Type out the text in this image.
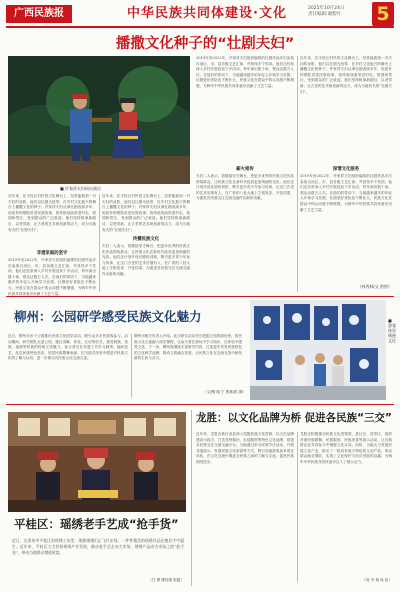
广西民族报	中华民族共同体建设·文化	2025年10月24日
责任编辑:谢紫叶 5
播撒文化种子的“壮剧夫妇”
■ 许家祥夫妇同台演出
近年来，在平桂区村民的文化舞台上，经常能看到一对夫妇的身影，他们以壮剧为纽带，在乡村文化振兴的舞台上播撒文化的种子。许家祥夫妇从事壮剧表演多年，用质朴的唱腔讲述民族故事，将传统戏曲带进村屯、校园和景区，受到群众的广泛欢迎。他们坚持排演新剧目，以老带新，让古老的艺术焕发新的活力，成为当地有名的“壮剧夫妇”。
近年来，在平桂区村民的文化舞台上，经常能看到一对夫妇的身影，他们以壮剧为纽带，在乡村文化振兴的舞台上播撒文化的种子。许家祥夫妇从事壮剧表演多年，用质朴的唱腔讲述民族故事，将传统戏曲带进村屯、校园和景区，受到群众的广泛欢迎。他们坚持排演新剧目，以老带新，让古老的艺术焕发新的活力，成为当地有名的“壮剧夫妇”。
非遗家庭的坚守
2019年至2022年，许家祥夫妇组织编排的壮剧作品多次参加自治区、市、县各级文艺汇演，并获得多个奖项。他们还经常深入乡村开展送戏下乡活动，每年演出数十场，观众达数万人次。在他们的带动下，当地越来越多的年轻人开始学习壮剧，壮剧爱好者队伍不断壮大，民族文化在群众中的认同感不断增强，为铸牢中华民族共同体意识贡献了文艺力量。
传播民族文化
夫妇二人表示，将继续坚守舞台，把更多优秀的民族文化作品带给群众，让民族文化在新时代绽放更加绚丽的光彩。他们还计划开设壮剧培训班，吸引更多青少年参与传承，让这门古老的艺术后继有人，在广袤的八桂大地上生根发芽、开花结果，为促进各民族交往交流交融作出新的贡献。
2019年至2022年，许家祥夫妇组织编排的壮剧作品多次参加自治区、市、县各级文艺汇演，并获得多个奖项。他们还经常深入乡村开展送戏下乡活动，每年演出数十场，观众达数万人次。在他们的带动下，当地越来越多的年轻人开始学习壮剧，壮剧爱好者队伍不断壮大，民族文化在群众中的认同感不断增强，为铸牢中华民族共同体意识贡献了文艺力量。
近年来，在平桂区村民的文化舞台上，经常能看到一对夫妇的身影，他们以壮剧为纽带，在乡村文化振兴的舞台上播撒文化的种子。许家祥夫妇从事壮剧表演多年，用质朴的唱腔讲述民族故事，将传统戏曲带进村屯、校园和景区，受到群众的广泛欢迎。他们坚持排演新剧目，以老带新，让古老的艺术焕发新的活力，成为当地有名的“壮剧夫妇”。
薪火相传
夫妇二人表示，将继续坚守舞台，把更多优秀的民族文化作品带给群众，让民族文化在新时代绽放更加绚丽的光彩。他们还计划开设壮剧培训班，吸引更多青少年参与传承，让这门古老的艺术后继有人，在广袤的八桂大地上生根发芽、开花结果，为促进各民族交往交流交融作出新的贡献。
深情文化服务
2019年至2022年，许家祥夫妇组织编排的壮剧作品多次参加自治区、市、县各级文艺汇演，并获得多个奖项。他们还经常深入乡村开展送戏下乡活动，每年演出数十场，观众达数万人次。在他们的带动下，当地越来越多的年轻人开始学习壮剧，壮剧爱好者队伍不断壮大，民族文化在群众中的认同感不断增强，为铸牢中华民族共同体意识贡献了文艺力量。
（林秀林/文 供图）
柳州：公园研学感受民族文化魅力
近日，柳州市多个公园推出民族文化研学活动，吸引众多市民游客参与。活动期间，研学团队走进公园，通过讲解、体验、互动等形式，感受侗族、苗族、瑶族等民族的传统文化魅力。参与者们在非遗工坊学习刺绣、编织技艺，品尝民族特色美食，欣赏民族歌舞表演，在沉浸式体验中增进对民族文化的了解与认同，进一步推动各民族文化交流互鉴。
柳州市相关负责人介绍，此次研学活动充分挖掘公园资源优势，将民族文化元素融入研学课程，让参与者在游玩中学习知识、在体验中感受文化。下一步，柳州将继续丰富研学内容，打造更多具有民族特色的文化研学品牌，推动文旅融合发展，让民族文化在交流互鉴中焕发新的生机与活力。
（文/陶 明 宁 贾林/供 图）
■ 游客体验侗族文化
平桂区：瑶绣老手艺成“抢手货”
近日，在贺州市平桂区的瑶绣工坊里，瑶族绣娘们正飞针走线，一件件精美的瑶绣作品在她们手中诞生。近年来，平桂区大力扶持瑶绣产业发展，推动老手艺走向大市场，瑶绣产品成为市场上的“抢手货”，带动当地群众增收致富。
（甘 勇 缪柱超 报道）
龙胜：以文化品牌为桥 促进各民族“三交”
近年来，龙胜各族自治县深入挖掘民族文化资源，以文化品牌建设为抓手，打造龙脊梯田、红瑶服饰等特色文化品牌，搭建各民族交往交流交融平台。当地通过举办民族节庆活动、开展非遗展示、发展民族文化旅游等方式，吸引各地游客前来观光体验，在文化交流中增进各民族之间的了解与友谊，促进民族团结进步。
龙胜还积极推动民族文化进校园、进社区、进景区，组织开展民族歌舞、民族服饰、民族美食等展示活动，让各族群众在共同参与中增强文化认同。同时，当地大力发展民族文化产业，推出了一批具有地方特色的文创产品，带动群众就业增收，实现了文化保护与经济发展的双赢，为铸牢中华民族共同体意识注入了强大动力。
（易 韦 杨 凤 彩）
